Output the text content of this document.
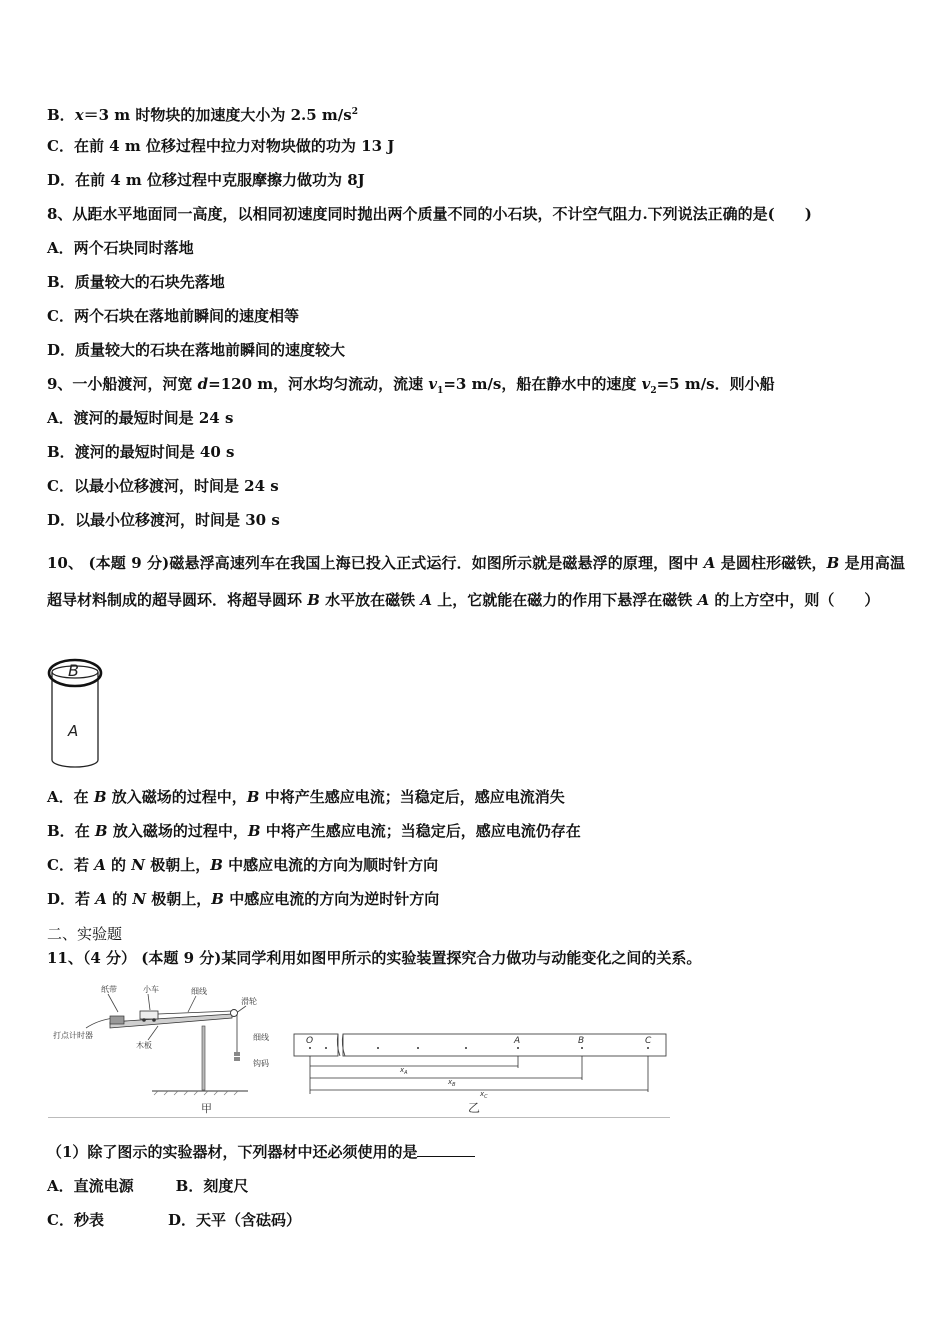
B．x＝3 m 时物块的加速度大小为 2.5 $m/s^2$
C．在前 4 m 位移过程中拉力对物块做的功为 13 J
D．在前 4 m 位移过程中克服摩擦力做功为 8J
8、从距水平地面同一高度，以相同初速度同时抛出两个质量不同的小石块，不计空气阻力.下列说法正确的是(　　)
A．两个石块同时落地
B．质量较大的石块先落地
C．两个石块在落地前瞬间的速度相等
D．质量较大的石块在落地前瞬间的速度较大
9、一小船渡河，河宽 d=120 m，河水均匀流动，流速 $v_1=3$ m/s，船在静水中的速度 $v_2=5$ m/s．则小船
A．渡河的最短时间是 24 s
B．渡河的最短时间是 40 s
C．以最小位移渡河，时间是 24 s
D．以最小位移渡河，时间是 30 s
10、 (本题 9 分)磁悬浮高速列车在我国上海已投入正式运行．如图所示就是磁悬浮的原理，图中 A 是圆柱形磁铁，B 是用高温超导材料制成的超导圆环．将超导圆环 B 水平放在磁铁 A 上，它就能在磁力的作用下悬浮在磁铁 A 的上方空中，则（　　）
B
A
A．在 B 放入磁场的过程中，B 中将产生感应电流；当稳定后，感应电流消失
B．在 B 放入磁场的过程中，B 中将产生感应电流；当稳定后，感应电流仍存在
C．若 A 的 N 极朝上，B 中感应电流的方向为顺时针方向
D．若 A 的 N 极朝上，B 中感应电流的方向为逆时针方向
二、实验题
11、（4 分） (本题 9 分)某同学利用如图甲所示的实验装置探究合力做功与动能变化之间的关系。
纸带	小车	细线
滑轮
打点计时器
木板
细线
钩码
甲
O	A	B	C
$x_A$
$x_B$
$x_C$
乙
（1）除了图示的实验器材，下列器材中还必须使用的是
A．直流电源	B．刻度尺
C．秒表	D．天平（含砝码）
